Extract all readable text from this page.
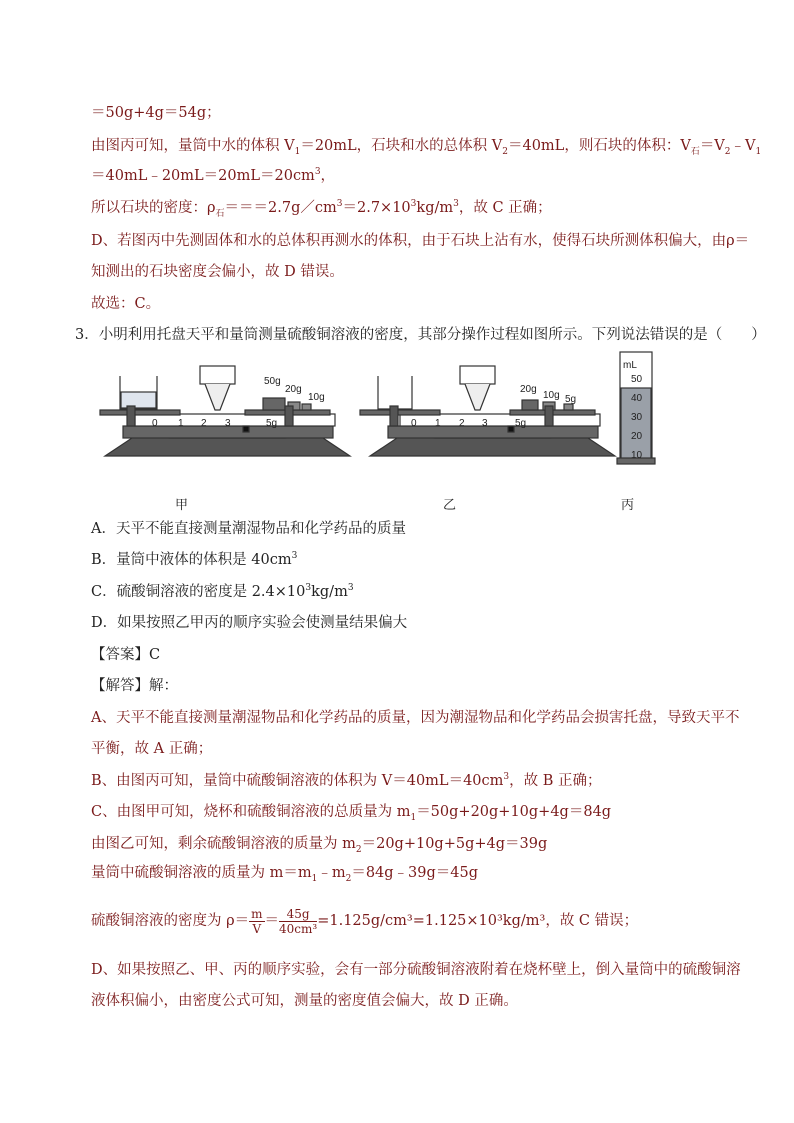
＝50g+4g＝54g；
由图丙可知，量筒中水的体积 $V_1=20mL$，石块和水的总体积 $V_2=40mL$，则石块的体积：$V_石=V_2﹣V_1$
$=40mL﹣20mL=20mL=20cm^3$，
所以石块的密度：$\rho_石===2.7g/cm^3=2.7\times 10^3kg/m^3$，故 C 正确；
D、若图丙中先测固体和水的总体积再测水的体积，由于石块上沾有水，使得石块所测体积偏大，由ρ＝
知测出的石块密度会偏小，故 D 错误。
故选：C。
3．小明利用托盘天平和量筒测量硫酸铜溶液的密度，其部分操作过程如图所示。下列说法错误的是（　　）
50g
20g
10g
5g
0 1 2 3
20g
10g 5g
0 1 2 3	5g
mL
50
40
30
20
10
甲	乙	丙
A．天平不能直接测量潮湿物品和化学药品的质量
B．量筒中液体的体积是 $40cm^3$
C．硫酸铜溶液的密度是 $2.4\times 10^3kg/m^3$
D．如果按照乙甲丙的顺序实验会使测量结果偏大
【答案】C
【解答】解：
A、天平不能直接测量潮湿物品和化学药品的质量，因为潮湿物品和化学药品会损害托盘，导致天平不
平衡，故 A 正确；
B、由图丙可知，量筒中硫酸铜溶液的体积为 $V=40mL=40cm^3$，故 B 正确；
C、由图甲可知，烧杯和硫酸铜溶液的总质量为 $m_1=50g+20g+10g+4g=84g$
由图乙可知，剩余硫酸铜溶液的质量为 $m_2=20g+10g+5g+4g=39g$
量筒中硫酸铜溶液的质量为 $m=m_1﹣m_2=84g﹣39g=45g$
硫酸铜溶液的密度为 $\rho= \frac{m}{V} = \frac{45g}{\text{40cm³}} =1.125g/cm^3=1.125\times 10^3kg/m^3$，故 C 错误；
D、如果按照乙、甲、丙的顺序实验，会有一部分硫酸铜溶液附着在烧杯壁上，倒入量筒中的硫酸铜溶
液体积偏小，由密度公式可知，测量的密度值会偏大，故 D 正确。
